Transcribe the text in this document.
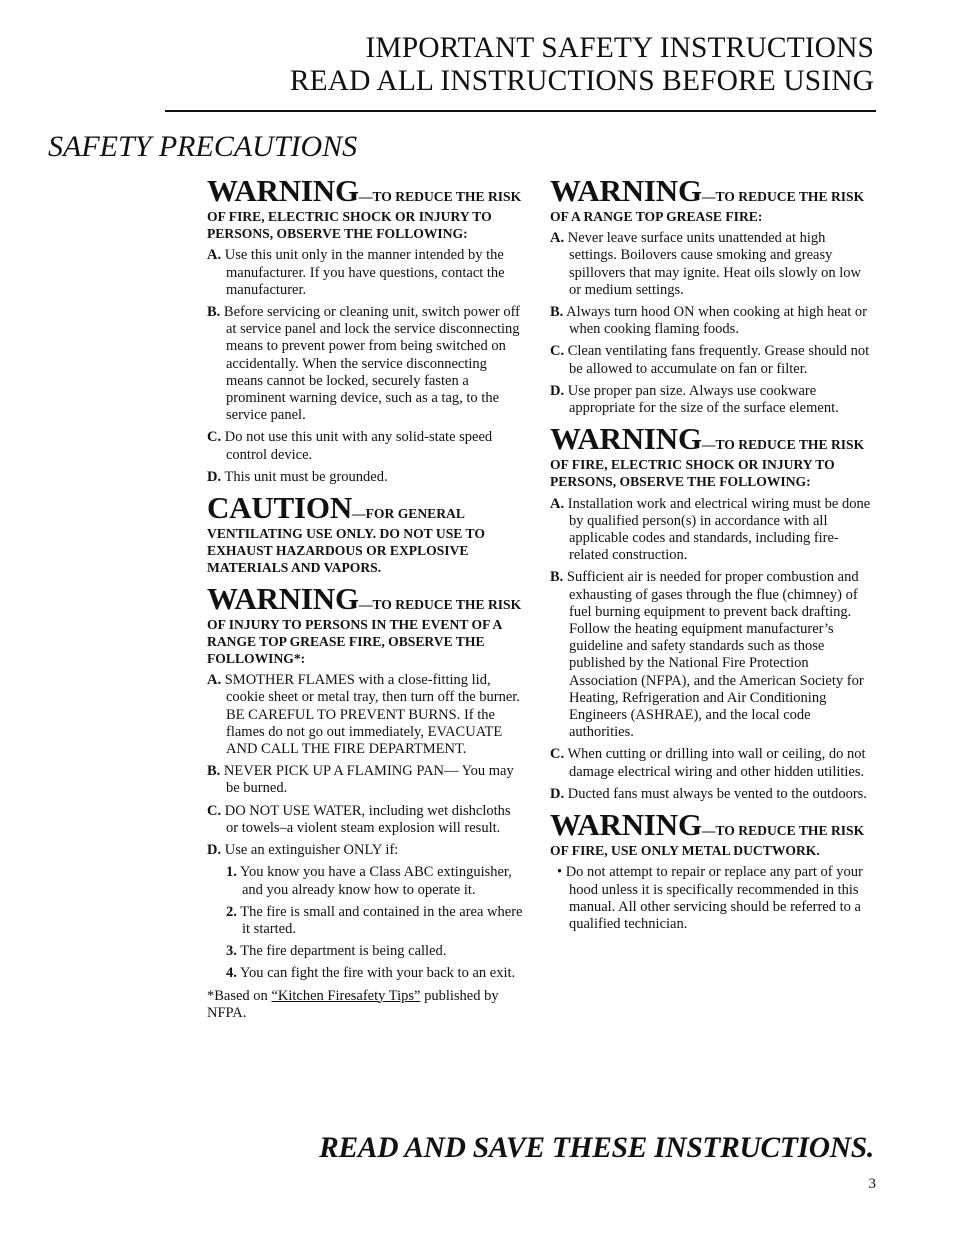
IMPORTANT SAFETY INSTRUCTIONS
READ ALL INSTRUCTIONS BEFORE USING
SAFETY PRECAUTIONS
WARNING—TO REDUCE THE RISK OF FIRE, ELECTRIC SHOCK OR INJURY TO PERSONS, OBSERVE THE FOLLOWING:
A. Use this unit only in the manner intended by the manufacturer. If you have questions, contact the manufacturer.
B. Before servicing or cleaning unit, switch power off at service panel and lock the service disconnecting means to prevent power from being switched on accidentally. When the service disconnecting means cannot be locked, securely fasten a prominent warning device, such as a tag, to the service panel.
C. Do not use this unit with any solid-state speed control device.
D. This unit must be grounded.
CAUTION—FOR GENERAL VENTILATING USE ONLY. DO NOT USE TO EXHAUST HAZARDOUS OR EXPLOSIVE MATERIALS AND VAPORS.
WARNING—TO REDUCE THE RISK OF INJURY TO PERSONS IN THE EVENT OF A RANGE TOP GREASE FIRE, OBSERVE THE FOLLOWING*:
A. SMOTHER FLAMES with a close-fitting lid, cookie sheet or metal tray, then turn off the burner. BE CAREFUL TO PREVENT BURNS. If the flames do not go out immediately, EVACUATE AND CALL THE FIRE DEPARTMENT.
B. NEVER PICK UP A FLAMING PAN— You may be burned.
C. DO NOT USE WATER, including wet dishcloths or towels–a violent steam explosion will result.
D. Use an extinguisher ONLY if:
1. You know you have a Class ABC extinguisher, and you already know how to operate it.
2. The fire is small and contained in the area where it started.
3. The fire department is being called.
4. You can fight the fire with your back to an exit.
*Based on “Kitchen Firesafety Tips” published by NFPA.
WARNING—TO REDUCE THE RISK OF A RANGE TOP GREASE FIRE:
A. Never leave surface units unattended at high settings. Boilovers cause smoking and greasy spillovers that may ignite. Heat oils slowly on low or medium settings.
B. Always turn hood ON when cooking at high heat or when cooking flaming foods.
C. Clean ventilating fans frequently. Grease should not be allowed to accumulate on fan or filter.
D. Use proper pan size. Always use cookware appropriate for the size of the surface element.
WARNING—TO REDUCE THE RISK OF FIRE, ELECTRIC SHOCK OR INJURY TO PERSONS, OBSERVE THE FOLLOWING:
A. Installation work and electrical wiring must be done by qualified person(s) in accordance with all applicable codes and standards, including fire-related construction.
B. Sufficient air is needed for proper combustion and exhausting of gases through the flue (chimney) of fuel burning equipment to prevent back drafting. Follow the heating equipment manufacturer’s guideline and safety standards such as those published by the National Fire Protection Association (NFPA), and the American Society for Heating, Refrigeration and Air Conditioning Engineers (ASHRAE), and the local code authorities.
C. When cutting or drilling into wall or ceiling, do not damage electrical wiring and other hidden utilities.
D. Ducted fans must always be vented to the outdoors.
WARNING—TO REDUCE THE RISK OF FIRE, USE ONLY METAL DUCTWORK.
• Do not attempt to repair or replace any part of your hood unless it is specifically recommended in this manual. All other servicing should be referred to a qualified technician.
READ AND SAVE THESE INSTRUCTIONS.
3
